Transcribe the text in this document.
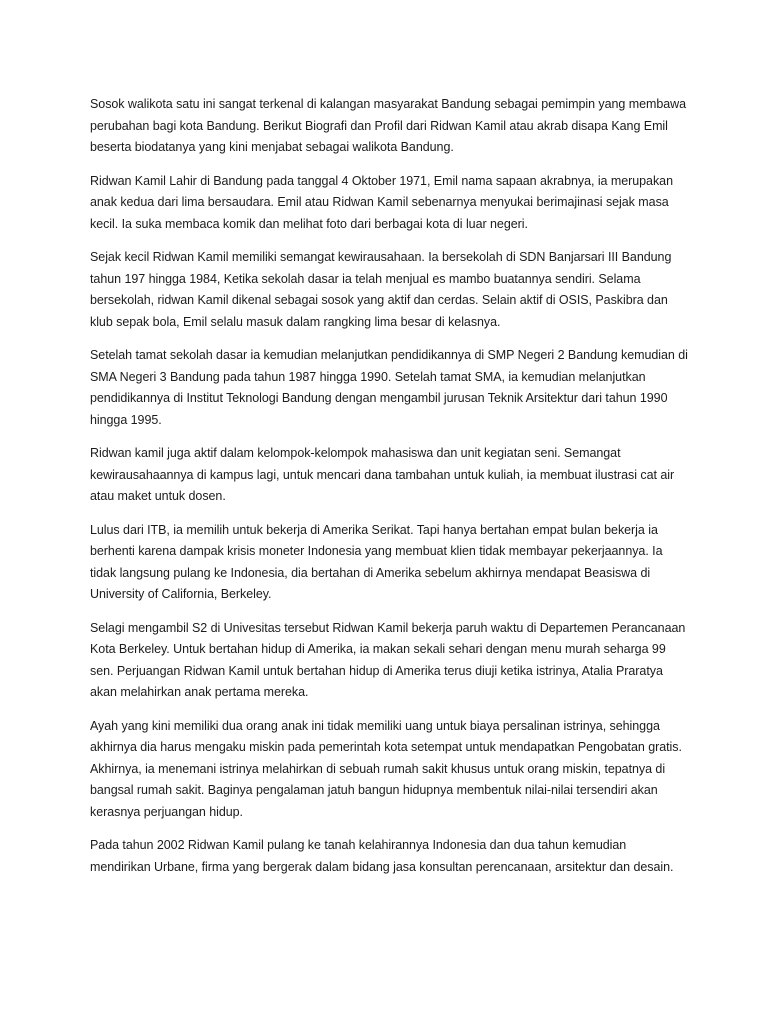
Sosok walikota satu ini sangat terkenal di kalangan masyarakat Bandung sebagai pemimpin yang membawa perubahan bagi kota Bandung. Berikut Biografi dan Profil dari Ridwan Kamil atau akrab disapa Kang Emil beserta biodatanya yang kini menjabat sebagai walikota Bandung.

Ridwan Kamil Lahir di Bandung pada tanggal 4 Oktober 1971, Emil nama sapaan akrabnya, ia merupakan anak kedua dari lima bersaudara. Emil atau Ridwan Kamil sebenarnya menyukai berimajinasi sejak masa kecil. Ia suka membaca komik dan melihat foto dari berbagai kota di luar negeri.

Sejak kecil Ridwan Kamil memiliki semangat kewirausahaan. Ia bersekolah di SDN Banjarsari III Bandung tahun 197 hingga 1984, Ketika sekolah dasar ia telah menjual es mambo buatannya sendiri. Selama bersekolah, ridwan Kamil dikenal sebagai sosok yang aktif dan cerdas. Selain aktif di OSIS, Paskibra dan klub sepak bola, Emil selalu masuk dalam rangking lima besar di kelasnya.

Setelah tamat sekolah dasar ia kemudian melanjutkan pendidikannya di SMP Negeri 2 Bandung kemudian di SMA Negeri 3 Bandung pada tahun 1987 hingga 1990. Setelah tamat SMA, ia kemudian melanjutkan pendidikannya di Institut Teknologi Bandung dengan mengambil jurusan Teknik Arsitektur dari tahun 1990 hingga 1995.

Ridwan kamil juga aktif dalam kelompok-kelompok mahasiswa dan unit kegiatan seni. Semangat kewirausahaannya di kampus lagi, untuk mencari dana tambahan untuk kuliah, ia membuat ilustrasi cat air atau maket untuk dosen.

Lulus dari ITB, ia memilih untuk bekerja di Amerika Serikat. Tapi hanya bertahan empat bulan bekerja ia berhenti karena dampak krisis moneter Indonesia yang membuat klien tidak membayar pekerjaannya. Ia tidak langsung pulang ke Indonesia, dia bertahan di Amerika sebelum akhirnya mendapat Beasiswa di University of California, Berkeley.

Selagi mengambil S2 di Univesitas tersebut Ridwan Kamil bekerja paruh waktu di Departemen Perancanaan Kota Berkeley. Untuk bertahan hidup di Amerika, ia makan sekali sehari dengan menu murah seharga 99 sen. Perjuangan Ridwan Kamil untuk bertahan hidup di Amerika terus diuji ketika istrinya, Atalia Praratya akan melahirkan anak pertama mereka.

Ayah yang kini memiliki dua orang anak ini tidak memiliki uang untuk biaya persalinan istrinya, sehingga akhirnya dia harus mengaku miskin pada pemerintah kota setempat untuk mendapatkan Pengobatan gratis. Akhirnya, ia menemani istrinya melahirkan di sebuah rumah sakit khusus untuk orang miskin, tepatnya di bangsal rumah sakit. Baginya pengalaman jatuh bangun hidupnya membentuk nilai-nilai tersendiri akan kerasnya perjuangan hidup.

Pada tahun 2002 Ridwan Kamil pulang ke tanah kelahirannya Indonesia dan dua tahun kemudian mendirikan Urbane, firma yang bergerak dalam bidang jasa konsultan perencanaan, arsitektur dan desain.
